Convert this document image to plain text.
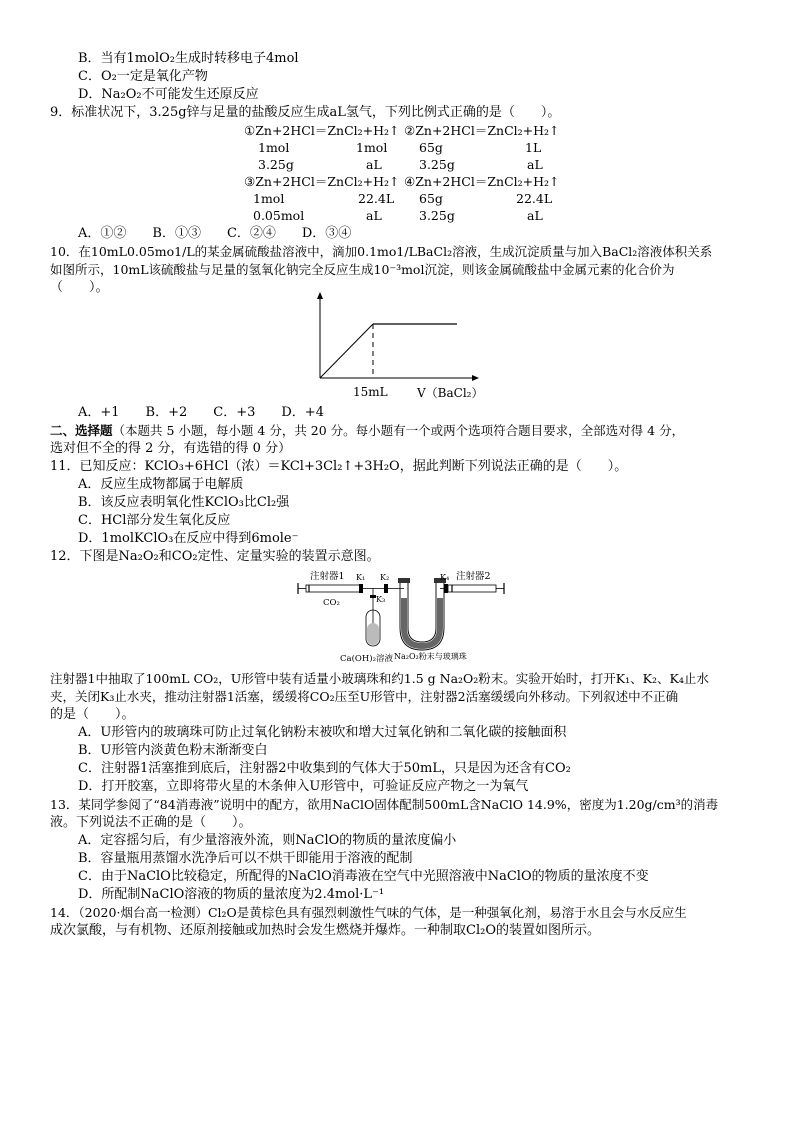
B．当有1molO₂生成时转移电子4mol
C．O₂一定是氧化产物
D．Na₂O₂不可能发生还原反应
9．标准状况下，3.25g锌与足量的盐酸反应生成aL氢气，下列比例式正确的是（　　）。
①Zn+2HCl＝ZnCl₂+H₂↑ ②Zn+2HCl＝ZnCl₂+H₂↑
1mol	1mol	65g	1L
3.25g	aL	3.25g	aL
③Zn+2HCl＝ZnCl₂+H₂↑ ④Zn+2HCl＝ZnCl₂+H₂↑
1mol	22.4L 65g	22.4L
0.05mol	aL	3.25g	aL
A．①②　　B．①③　　C．②④　　D．③④
10．在10mL0.05mo1/L的某金属硫酸盐溶液中，滴加0.1mo1/LBaCl₂溶液，生成沉淀质量与加入BaCl₂溶液体积关系
如图所示，10mL该硫酸盐与足量的氢氧化钠完全反应生成10⁻³mol沉淀，则该金属硫酸盐中金属元素的化合价为
（　　）。
15mL V（BaCl₂）
A．+1　　B．+2　　C．+3　　D．+4
二、选择题（本题共 5 小题，每小题 4 分，共 20 分。每小题有一个或两个选项符合题目要求，全部选对得 4 分，
选对但不全的得 2 分，有选错的得 0 分）
11．已知反应：KClO₃+6HCl（浓）＝KCl+3Cl₂↑+3H₂O，据此判断下列说法正确的是（　　）。
A．反应生成物都属于电解质
B．该反应表明氧化性KClO₃比Cl₂强
C．HCl部分发生氧化反应
D．1molKClO₃在反应中得到6mole⁻
12．下图是Na₂O₂和CO₂定性、定量实验的装置示意图。
注射器1
CO₂
K₁ K₂
K₃
Ca(OH)₂溶液 Na₂O₂粉末与玻璃珠
K₄ 注射器2
注射器1中抽取了100mL CO₂，U形管中装有适量小玻璃珠和约1.5 g Na₂O₂粉末。实验开始时，打开K₁、K₂、K₄止水
夹，关闭K₃止水夹，推动注射器1活塞，缓缓将CO₂压至U形管中，注射器2活塞缓缓向外移动。下列叙述中不正确
的是（　　）。
A．U形管内的玻璃珠可防止过氧化钠粉末被吹和增大过氧化钠和二氧化碳的接触面积
B．U形管内淡黄色粉末渐渐变白
C．注射器1活塞推到底后，注射器2中收集到的气体大于50mL，只是因为还含有CO₂
D．打开胶塞，立即将带火星的木条伸入U形管中，可验证反应产物之一为氧气
13．某同学参阅了“84消毒液”说明中的配方，欲用NaClO固体配制500mL含NaClO 14.9%，密度为1.20g/cm³的消毒
液。下列说法不正确的是（　　）。
A．定容摇匀后，有少量溶液外流，则NaClO的物质的量浓度偏小
B．容量瓶用蒸馏水洗净后可以不烘干即能用于溶液的配制
C．由于NaClO比较稳定，所配得的NaClO消毒液在空气中光照溶液中NaClO的物质的量浓度不变
D．所配制NaClO溶液的物质的量浓度为2.4mol·L⁻¹
14．（2020·烟台高一检测）Cl₂O是黄棕色具有强烈刺激性气味的气体，是一种强氧化剂，易溶于水且会与水反应生
成次氯酸，与有机物、还原剂接触或加热时会发生燃烧并爆炸。一种制取Cl₂O的装置如图所示。
